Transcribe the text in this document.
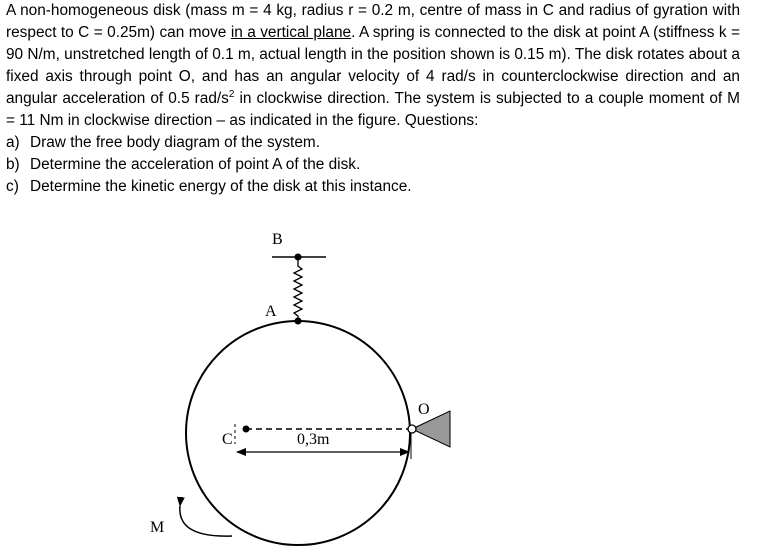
A non-homogeneous disk (mass m = 4 kg, radius r = 0.2 m, centre of mass in C and radius of gyration with respect to C = 0.25m) can move in a vertical plane. A spring is connected to the disk at point A (stiffness k = 90 N/m, unstretched length of 0.1 m, actual length in the position shown is 0.15 m). The disk rotates about a fixed axis through point O, and has an angular velocity of 4 rad/s in counterclockwise direction and an angular acceleration of 0.5 rad/$s^2$ in clockwise direction. The system is subjected to a couple moment of M = 11 Nm in clockwise direction – as indicated in the figure. Questions:

a) Draw the free body diagram of the system.

b) Determine the acceleration of point A of the disk.

c) Determine the kinetic energy of the disk at this instance.

B
A
C	0,3m
O
M
